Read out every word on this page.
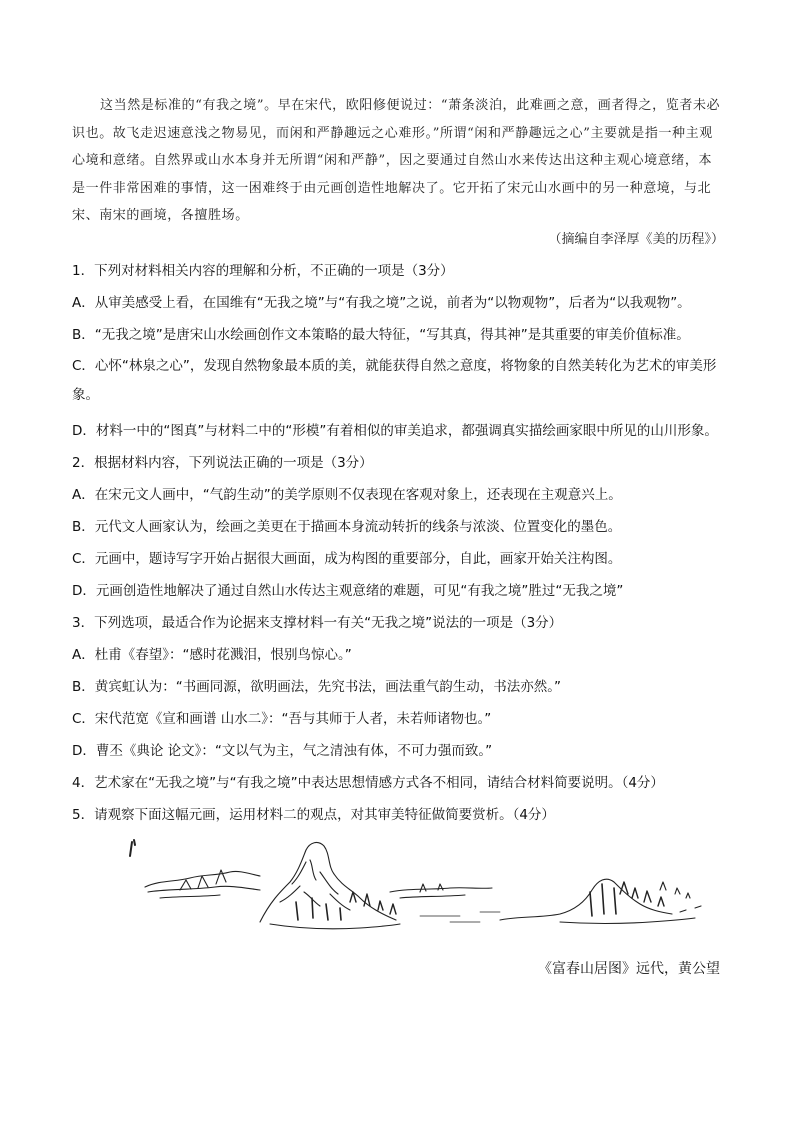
这当然是标准的“有我之境”。早在宋代，欧阳修便说过：“萧条淡泊，此难画之意，画者得之，览者未必识也。故飞走迟速意浅之物易见，而闲和严静趣远之心难形。”所谓“闲和严静趣远之心”主要就是指一种主观心境和意绪。自然界或山水本身并无所谓“闲和严静”，因之要通过自然山水来传达出这种主观心境意绪，本是一件非常困难的事情，这一困难终于由元画创造性地解决了。它开拓了宋元山水画中的另一种意境，与北宋、南宋的画境，各擅胜场。
（摘编自李泽厚《美的历程》）
1．下列对材料相关内容的理解和分析，不正确的一项是（3分）
A．从审美感受上看，在国维有“无我之境”与“有我之境”之说，前者为“以物观物”，后者为“以我观物”。
B．“无我之境”是唐宋山水绘画创作文本策略的最大特征，“写其真，得其神”是其重要的审美价值标准。
C．心怀“林泉之心”，发现自然物象最本质的美，就能获得自然之意度，将物象的自然美转化为艺术的审美形象。
D．材料一中的“图真”与材料二中的“形模”有着相似的审美追求，都强调真实描绘画家眼中所见的山川形象。
2．根据材料内容，下列说法正确的一项是（3分）
A．在宋元文人画中，“气韵生动”的美学原则不仅表现在客观对象上，还表现在主观意兴上。
B．元代文人画家认为，绘画之美更在于描画本身流动转折的线条与浓淡、位置变化的墨色。
C．元画中，题诗写字开始占据很大画面，成为构图的重要部分，自此，画家开始关注构图。
D．元画创造性地解决了通过自然山水传达主观意绪的难题，可见“有我之境”胜过“无我之境”
3．下列选项，最适合作为论据来支撑材料一有关“无我之境”说法的一项是（3分）
A．杜甫《春望》：“感时花溅泪，恨别鸟惊心。”
B．黄宾虹认为：“书画同源，欲明画法，先究书法，画法重气韵生动，书法亦然。”
C．宋代范宽《宣和画谱 山水二》：“吾与其师于人者，未若师诸物也。”
D．曹丕《典论 论文》：“文以气为主，气之清浊有体，不可力强而致。”
4．艺术家在“无我之境”与“有我之境”中表达思想情感方式各不相同，请结合材料简要说明。（4分）
5．请观察下面这幅元画，运用材料二的观点，对其审美特征做简要赏析。（4分）
《富春山居图》远代，黄公望
